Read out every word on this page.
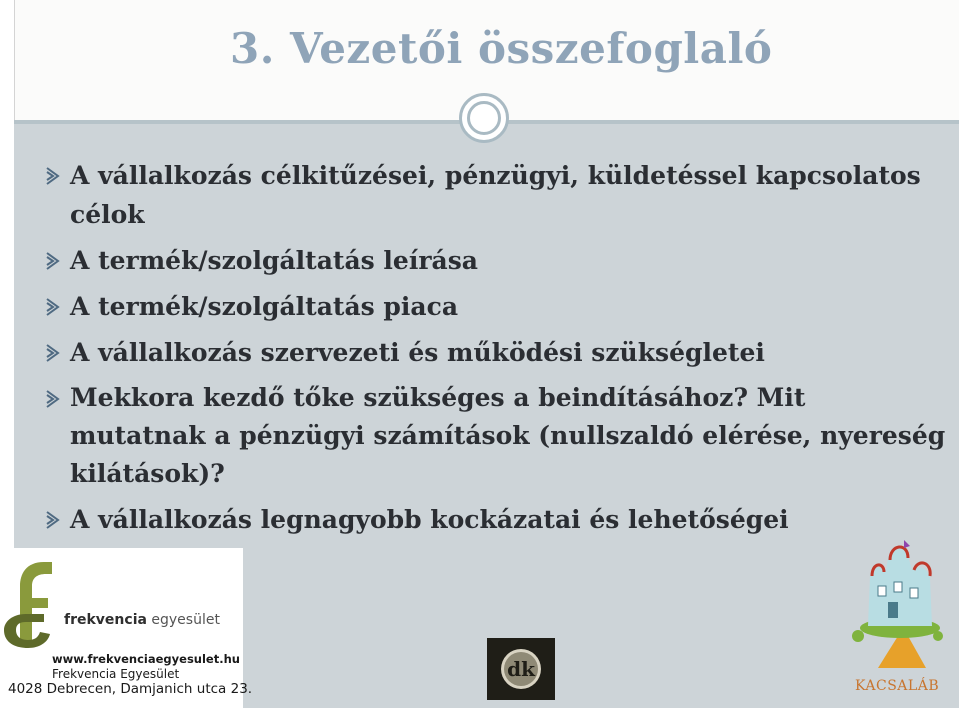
3. Vezetői összefoglaló
A vállalkozás célkitűzései, pénzügyi, küldetéssel kapcsolatos célok
A termék/szolgáltatás leírása
A termék/szolgáltatás piaca
A vállalkozás szervezeti és működési szükségletei
Mekkora kezdő tőke szükséges a beindításához? Mit mutatnak a pénzügyi számítások (nullszaldó elérése, nyereség kilátások)?
A vállalkozás legnagyobb kockázatai és lehetőségei
frekvencia egyesület
www.frekvenciaegyesulet.hu
Frekvencia Egyesület
4028 Debrecen, Damjanich utca 23.
dk
KACSALÁB
